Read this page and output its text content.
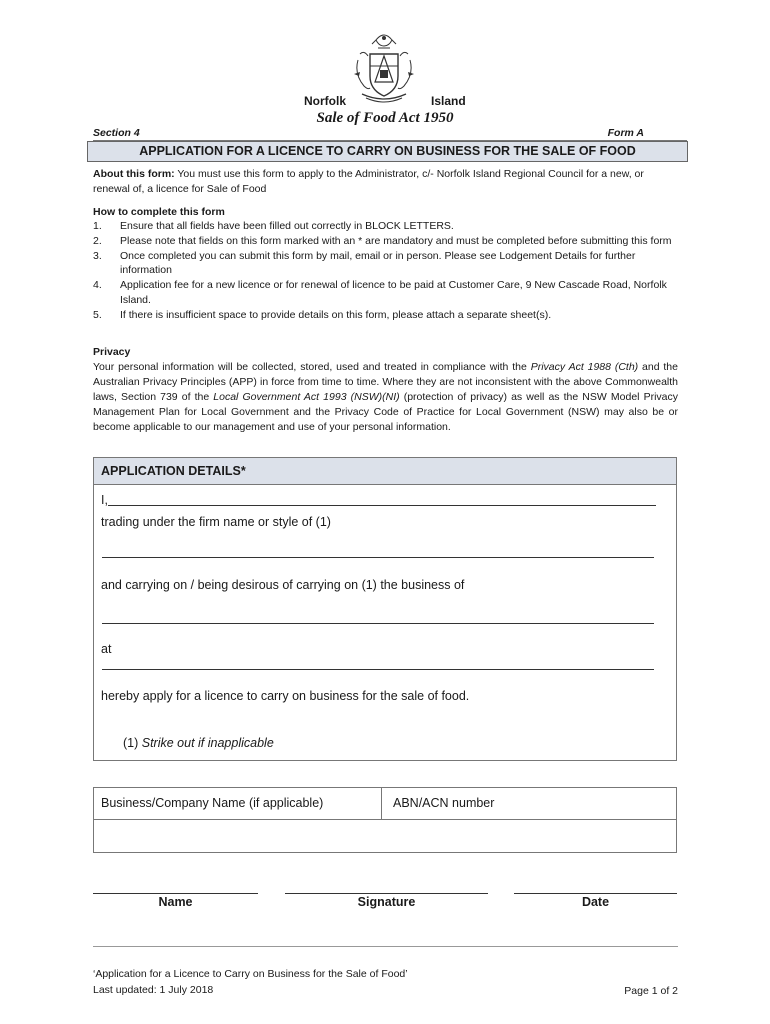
Norfolk	Island
Sale of Food Act 1950
Section 4	Form A
APPLICATION FOR A LICENCE TO CARRY ON BUSINESS FOR THE SALE OF FOOD
About this form: You must use this form to apply to the Administrator, c/- Norfolk Island Regional Council for a new, or renewal of, a licence for Sale of Food
How to complete this form
1. Ensure that all fields have been filled out correctly in BLOCK LETTERS.
2. Please note that fields on this form marked with an * are mandatory and must be completed before submitting this form
3. Once completed you can submit this form by mail, email or in person. Please see Lodgement Details for further information
4. Application fee for a new licence or for renewal of licence to be paid at Customer Care, 9 New Cascade Road, Norfolk Island.
5. If there is insufficient space to provide details on this form, please attach a separate sheet(s).
Privacy
Your personal information will be collected, stored, used and treated in compliance with the Privacy Act 1988 (Cth) and the Australian Privacy Principles (APP) in force from time to time. Where they are not inconsistent with the above Commonwealth laws, Section 739 of the Local Government Act 1993 (NSW)(NI) (protection of privacy) as well as the NSW Model Privacy Management Plan for Local Government and the Privacy Code of Practice for Local Government (NSW) may also be or become applicable to our management and use of your personal information.
APPLICATION DETAILS*
I,
trading under the firm name or style of (1)
and carrying on / being desirous of carrying on (1) the business of
at
hereby apply for a licence to carry on business for the sale of food.
(1) Strike out if inapplicable
Business/Company Name (if applicable)	ABN/ACN number
Name	Signature	Date
‘Application for a Licence to Carry on Business for the Sale of Food’
Last updated: 1 July 2018	Page 1 of 2
